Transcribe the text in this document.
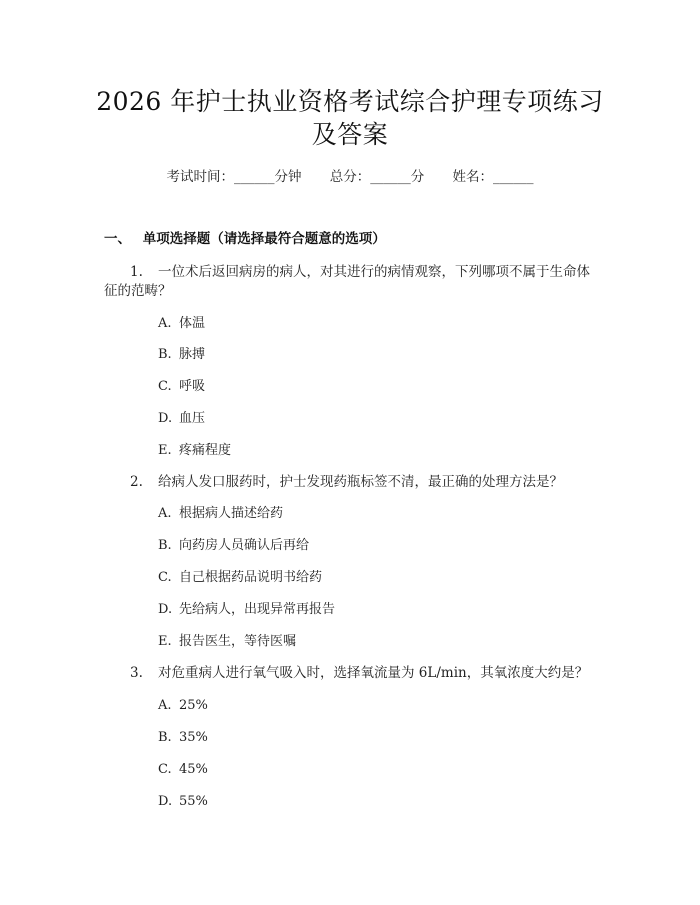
2026 年护士执业资格考试综合护理专项练习
及答案
考试时间：______分钟 总分：______分 姓名：______
一、 单项选择题（请选择最符合题意的选项）
1. 一位术后返回病房的病人，对其进行的病情观察，下列哪项不属于生命体
征的范畴？
A. 体温
B. 脉搏
C. 呼吸
D. 血压
E. 疼痛程度
2. 给病人发口服药时，护士发现药瓶标签不清，最正确的处理方法是？
A. 根据病人描述给药
B. 向药房人员确认后再给
C. 自己根据药品说明书给药
D. 先给病人，出现异常再报告
E. 报告医生，等待医嘱
3. 对危重病人进行氧气吸入时，选择氧流量为 6L/min，其氧浓度大约是？
A. 25%
B. 35%
C. 45%
D. 55%
